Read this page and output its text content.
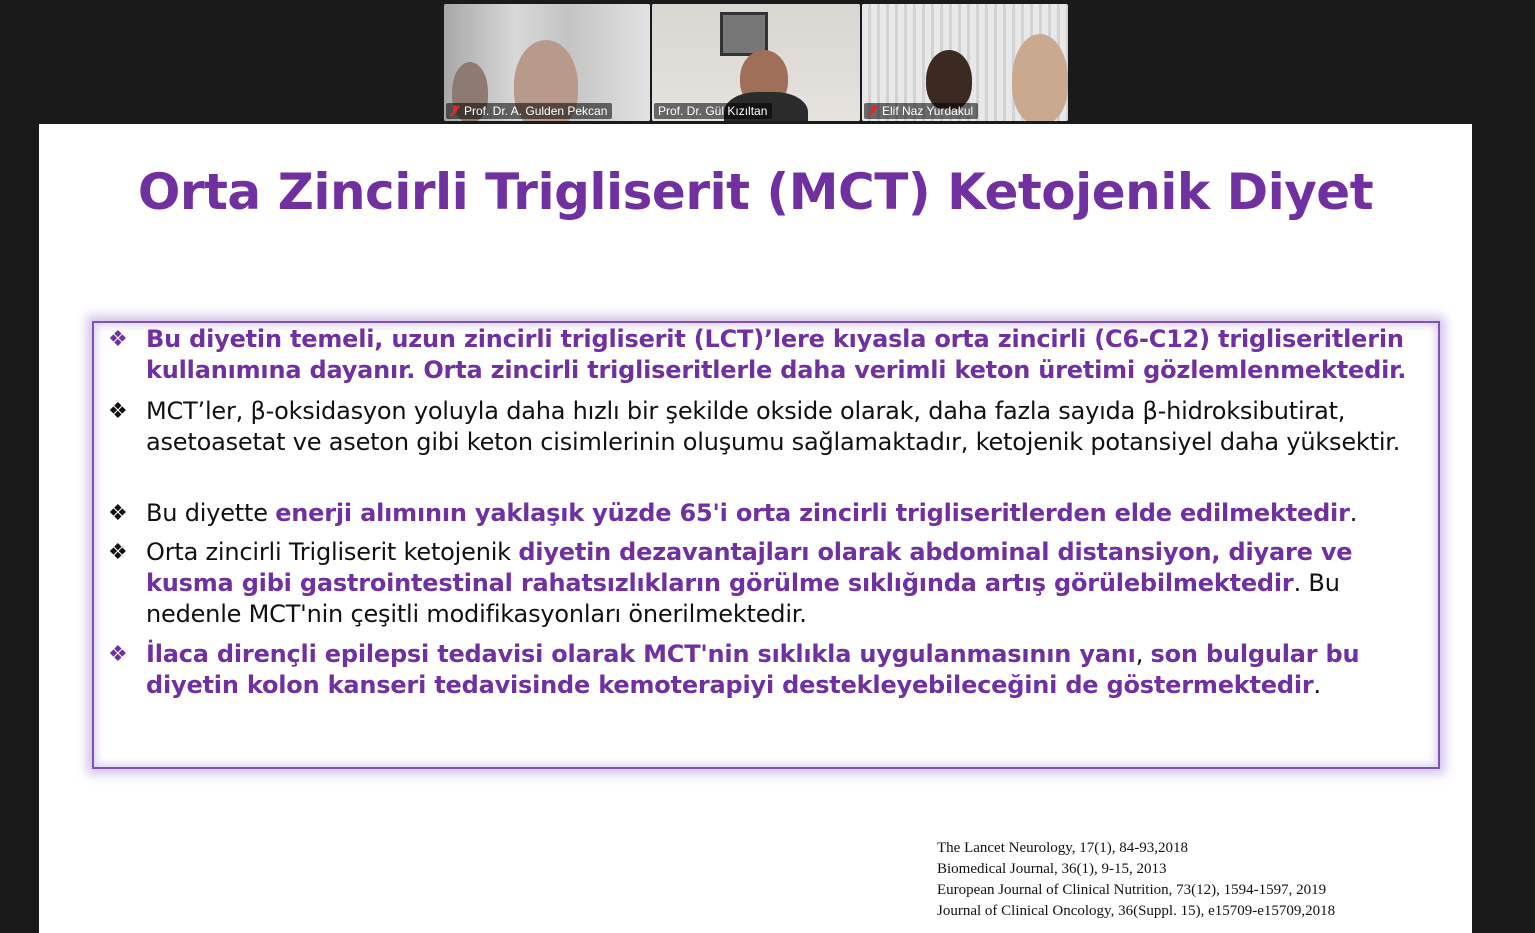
Prof. Dr. A. Gulden Pekcan	Prof. Dr. Gül Kızıltan	Elif Naz Yurdakul
Orta Zincirli Trigliserit (MCT) Ketojenik Diyet
❖ Bu diyetin temeli, uzun zincirli trigliserit (LCT)’lere kıyasla orta zincirli (C6-C12) trigliseritlerin kullanımına dayanır. Orta zincirli trigliseritlerle daha verimli keton üretimi gözlemlenmektedir.
❖ MCT’ler, β-oksidasyon yoluyla daha hızlı bir şekilde okside olarak, daha fazla sayıda β-hidroksibutirat, asetoasetat ve aseton gibi keton cisimlerinin oluşumu sağlamaktadır, ketojenik potansiyel daha yüksektir.
❖ Bu diyette enerji alımının yaklaşık yüzde 65'i orta zincirli trigliseritlerden elde edilmektedir.
❖ Orta zincirli Trigliserit ketojenik diyetin dezavantajları olarak abdominal distansiyon, diyare ve kusma gibi gastrointestinal rahatsızlıkların görülme sıklığında artış görülebilmektedir. Bu nedenle MCT'nin çeşitli modifikasyonları önerilmektedir.
❖ İlaca dirençli epilepsi tedavisi olarak MCT'nin sıklıkla uygulanmasının yanı, son bulgular bu diyetin kolon kanseri tedavisinde kemoterapiyi destekleyebileceğini de göstermektedir.
The Lancet Neurology, 17(1), 84-93,2018
Biomedical Journal, 36(1), 9-15, 2013
European Journal of Clinical Nutrition, 73(12), 1594-1597, 2019
Journal of Clinical Oncology, 36(Suppl. 15), e15709-e15709,2018
